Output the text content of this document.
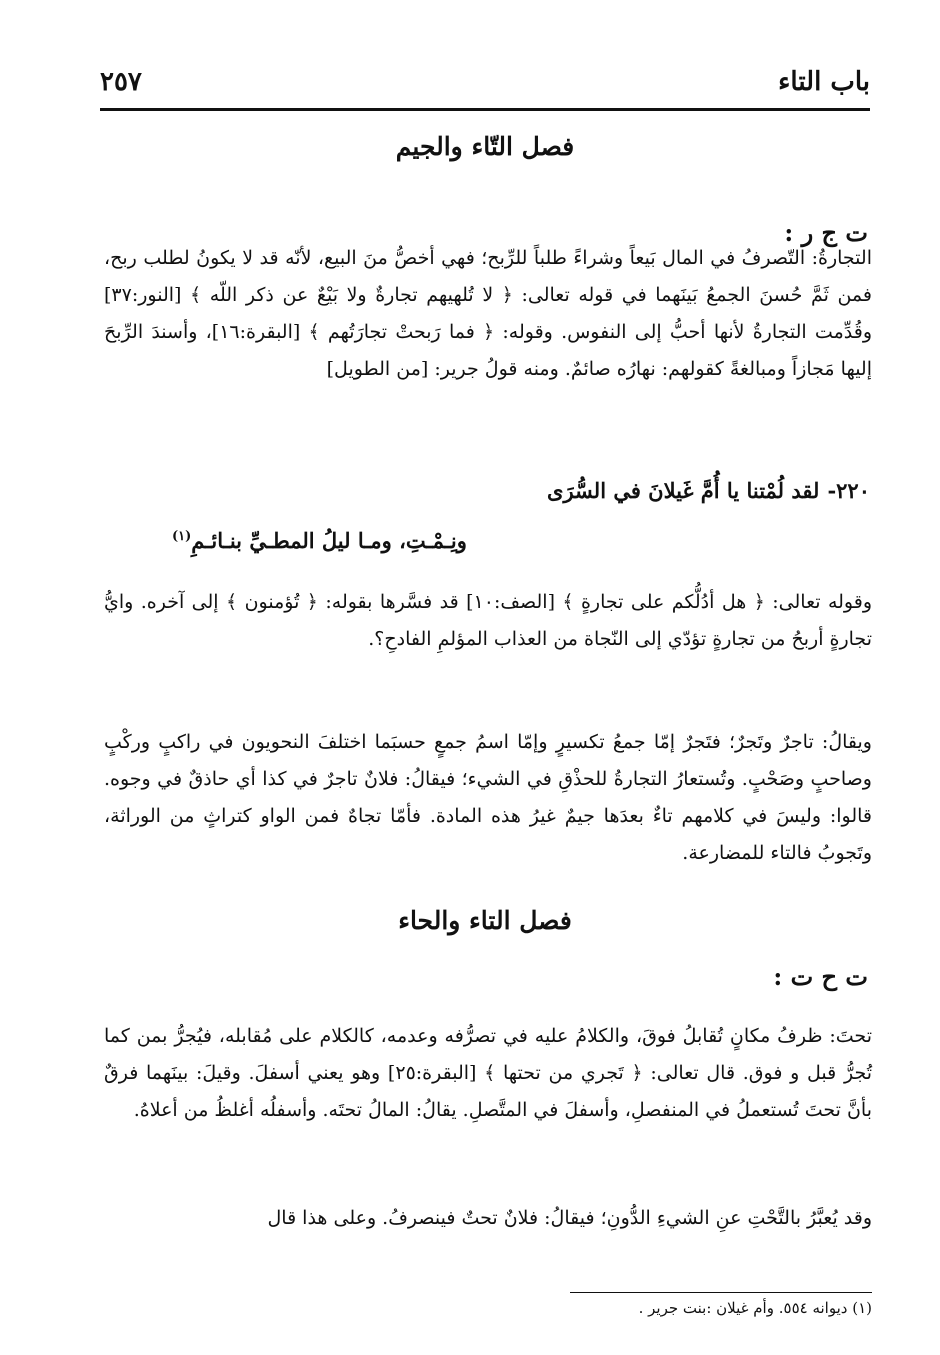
باب التاء
٢٥٧
فصل التّاء والجيم
ت ج ر :
التجارةُ: التّصرفُ في المال بَيعاً وشراءً طلباً للرِّبح؛ فهي أخصُّ منَ البيع، لأنّه قد لا يكونُ لطلب ربح، فمن ثَمَّ حُسنَ الجمعُ بَينَهما في قوله تعالى: ﴿ لا تُلهيهم تجارةٌ ولا بَيْعٌ عن ذكر اللّه ﴾ [النور:٣٧] وقُدِّمت التجارةُ لأنها أحبُّ إلى النفوس. وقوله: ﴿ فما رَبحتْ تجارَتُهم ﴾ [البقرة:١٦]، وأسندَ الرِّبحَ إليها مَجازاً ومبالغةً كقولهم: نهارُه صائمٌ. ومنه قولُ جرير: [من الطويل]
٢٢٠-لقد لُمْتنا يا أُمَّ غَيلانَ في السُّرَى
ونِـمْـتِ، ومـا ليلُ المطـيِّ بنـائـمِ$^{(١)}$
وقوله تعالى: ﴿ هل أدُلُّكم على تجارةٍ ﴾ [الصف:١٠] قد فسَّرها بقوله: ﴿ تُؤمنون ﴾ إلى آخره. وايُّ تجارةٍ أربحُ من تجارةٍ تؤدّي إلى النّجاة من العذاب المؤلمِ الفادحِ؟.
ويقالُ: تاجرٌ وتَجرٌ؛ فتَجرٌ إمّا جمعُ تكسيرٍ وإمّا اسمُ جمعٍ حسبَما اختلفَ النحويون في راكبٍ وركْبٍ وصاحبٍ وصَحْبٍ. وتُستعارُ التجارةُ للحذْقِ في الشيء؛ فيقالُ: فلانٌ تاجرٌ في كذا أي حاذقٌ في وجوه. قالوا: وليسَ في كلامهم تاءٌ بعدَها جيمٌ غيرُ هذه المادة. فأمّا تجاهٌ فمن الواو كتراثٍ من الوراثة، وتَجوبُ فالتاء للمضارعة.
فصل التاء والحاء
ت ح ت :
تحتَ: ظرفُ مكانٍ تُقابلُ فوقَ، والكلامُ عليه في تصرُّفه وعدمه، كالكلام على مُقابله، فيُجرُّ بمن كما تُجرُّ قبل و فوق. قال تعالى: ﴿ تَجري من تحتها ﴾ [البقرة:٢٥] وهو يعني أسفلَ. وقيلَ: بينَهما فرقٌ بأنَّ تحتَ تُستعملُ في المنفصلِ، وأسفلَ في المتَّصلِ. يقالُ: المالُ تحتَه. وأسفلُه أغلظُ من أعلاهُ.
وقد يُعبَّرُ بالتَّحْتِ عنِ الشيءِ الدُّونِ؛ فيقالُ: فلانٌ تحتٌ فينصرفُ. وعلى هذا قال
(١) ديوانه ٥٥٤. وأم غيلان :بنت جرير .
